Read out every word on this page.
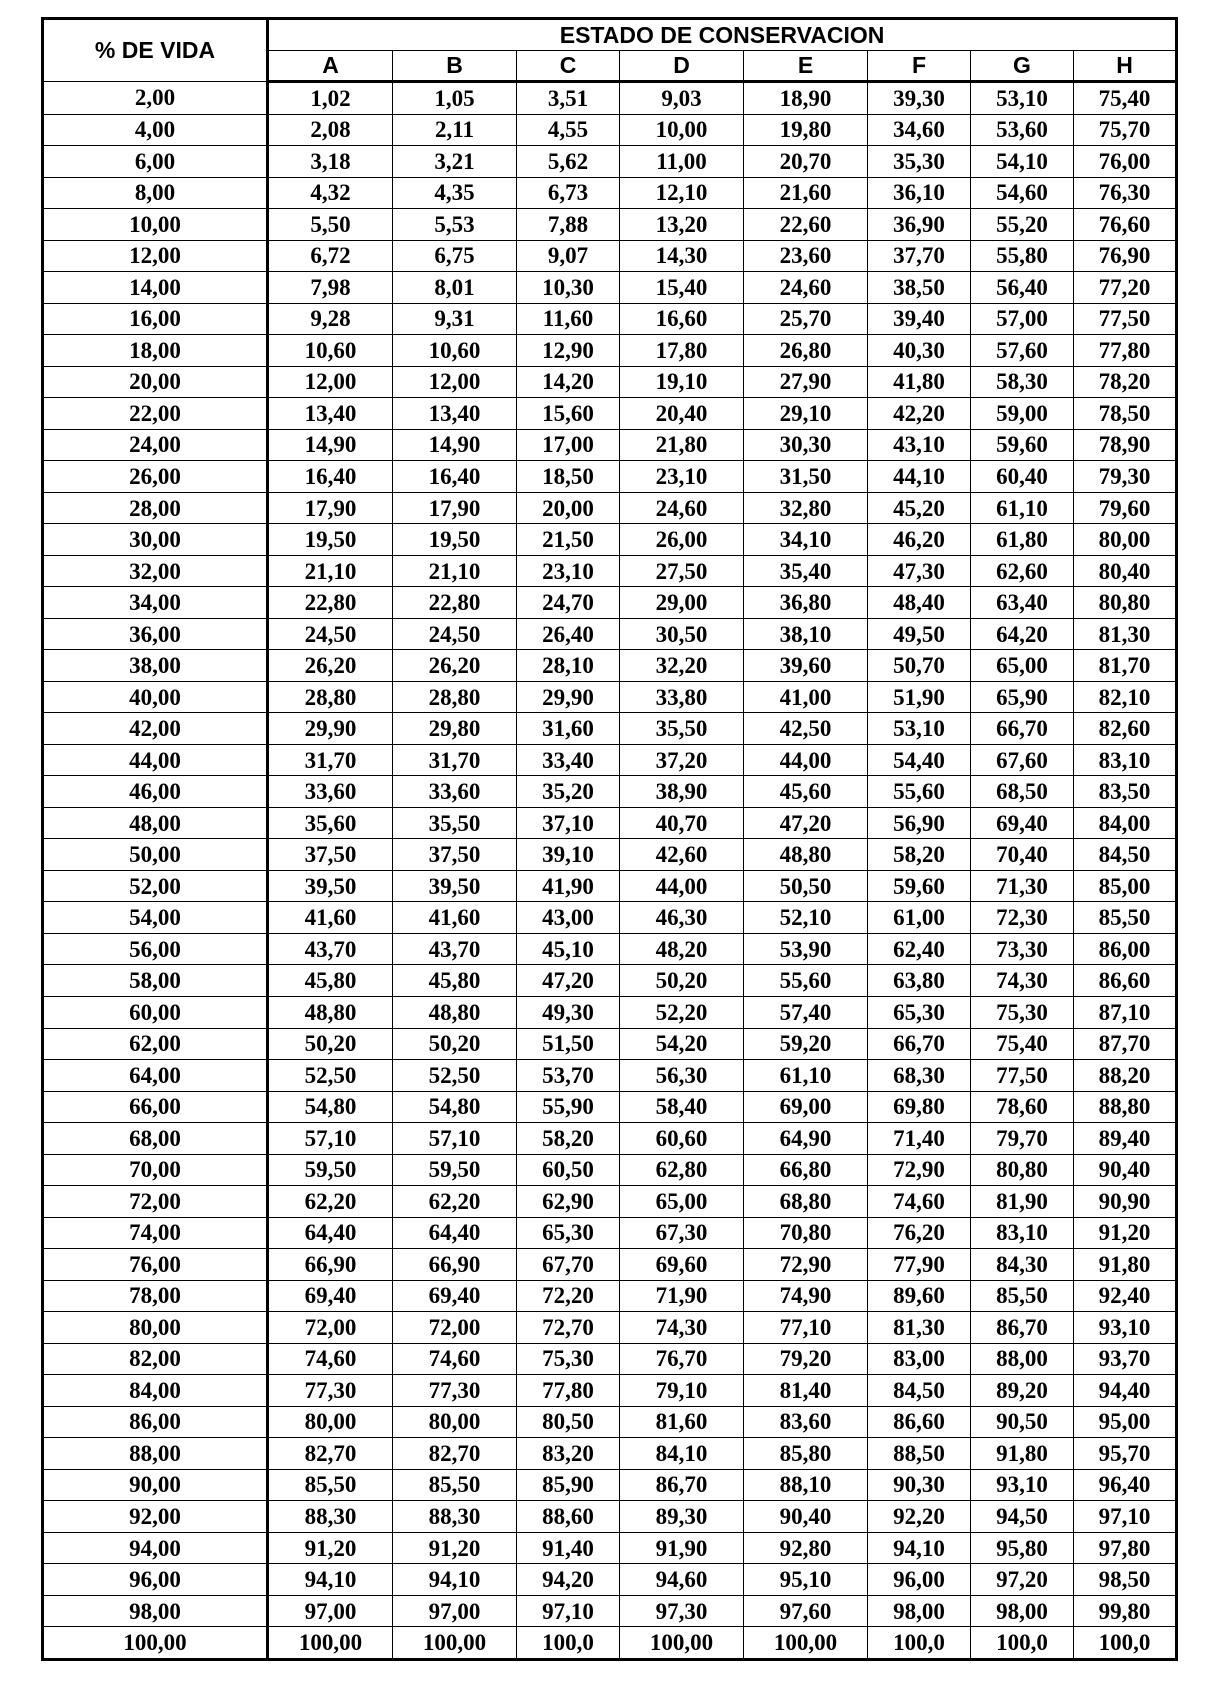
% DE VIDA	ESTADO DE CONSERVACION							
	A	B	C	D	E	F	G	H
2,00	1,02	1,05	3,51	9,03	18,90	39,30	53,10	75,40
4,00	2,08	2,11	4,55	10,00	19,80	34,60	53,60	75,70
6,00	3,18	3,21	5,62	11,00	20,70	35,30	54,10	76,00
8,00	4,32	4,35	6,73	12,10	21,60	36,10	54,60	76,30
10,00	5,50	5,53	7,88	13,20	22,60	36,90	55,20	76,60
12,00	6,72	6,75	9,07	14,30	23,60	37,70	55,80	76,90
14,00	7,98	8,01	10,30	15,40	24,60	38,50	56,40	77,20
16,00	9,28	9,31	11,60	16,60	25,70	39,40	57,00	77,50
18,00	10,60	10,60	12,90	17,80	26,80	40,30	57,60	77,80
20,00	12,00	12,00	14,20	19,10	27,90	41,80	58,30	78,20
22,00	13,40	13,40	15,60	20,40	29,10	42,20	59,00	78,50
24,00	14,90	14,90	17,00	21,80	30,30	43,10	59,60	78,90
26,00	16,40	16,40	18,50	23,10	31,50	44,10	60,40	79,30
28,00	17,90	17,90	20,00	24,60	32,80	45,20	61,10	79,60
30,00	19,50	19,50	21,50	26,00	34,10	46,20	61,80	80,00
32,00	21,10	21,10	23,10	27,50	35,40	47,30	62,60	80,40
34,00	22,80	22,80	24,70	29,00	36,80	48,40	63,40	80,80
36,00	24,50	24,50	26,40	30,50	38,10	49,50	64,20	81,30
38,00	26,20	26,20	28,10	32,20	39,60	50,70	65,00	81,70
40,00	28,80	28,80	29,90	33,80	41,00	51,90	65,90	82,10
42,00	29,90	29,80	31,60	35,50	42,50	53,10	66,70	82,60
44,00	31,70	31,70	33,40	37,20	44,00	54,40	67,60	83,10
46,00	33,60	33,60	35,20	38,90	45,60	55,60	68,50	83,50
48,00	35,60	35,50	37,10	40,70	47,20	56,90	69,40	84,00
50,00	37,50	37,50	39,10	42,60	48,80	58,20	70,40	84,50
52,00	39,50	39,50	41,90	44,00	50,50	59,60	71,30	85,00
54,00	41,60	41,60	43,00	46,30	52,10	61,00	72,30	85,50
56,00	43,70	43,70	45,10	48,20	53,90	62,40	73,30	86,00
58,00	45,80	45,80	47,20	50,20	55,60	63,80	74,30	86,60
60,00	48,80	48,80	49,30	52,20	57,40	65,30	75,30	87,10
62,00	50,20	50,20	51,50	54,20	59,20	66,70	75,40	87,70
64,00	52,50	52,50	53,70	56,30	61,10	68,30	77,50	88,20
66,00	54,80	54,80	55,90	58,40	69,00	69,80	78,60	88,80
68,00	57,10	57,10	58,20	60,60	64,90	71,40	79,70	89,40
70,00	59,50	59,50	60,50	62,80	66,80	72,90	80,80	90,40
72,00	62,20	62,20	62,90	65,00	68,80	74,60	81,90	90,90
74,00	64,40	64,40	65,30	67,30	70,80	76,20	83,10	91,20
76,00	66,90	66,90	67,70	69,60	72,90	77,90	84,30	91,80
78,00	69,40	69,40	72,20	71,90	74,90	89,60	85,50	92,40
80,00	72,00	72,00	72,70	74,30	77,10	81,30	86,70	93,10
82,00	74,60	74,60	75,30	76,70	79,20	83,00	88,00	93,70
84,00	77,30	77,30	77,80	79,10	81,40	84,50	89,20	94,40
86,00	80,00	80,00	80,50	81,60	83,60	86,60	90,50	95,00
88,00	82,70	82,70	83,20	84,10	85,80	88,50	91,80	95,70
90,00	85,50	85,50	85,90	86,70	88,10	90,30	93,10	96,40
92,00	88,30	88,30	88,60	89,30	90,40	92,20	94,50	97,10
94,00	91,20	91,20	91,40	91,90	92,80	94,10	95,80	97,80
96,00	94,10	94,10	94,20	94,60	95,10	96,00	97,20	98,50
98,00	97,00	97,00	97,10	97,30	97,60	98,00	98,00	99,80
100,00	100,00	100,00	100,0	100,00	100,00	100,0	100,0	100,0
